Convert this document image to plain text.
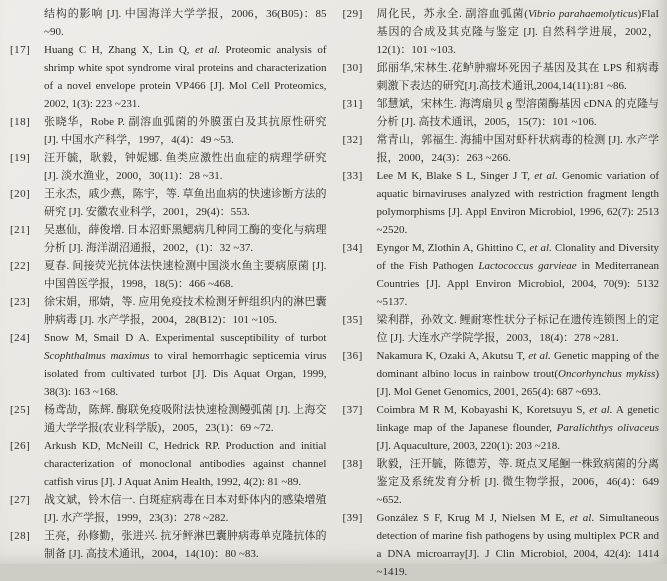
结构的影响 [J]. 中国海洋大学学报，2006，36(B05)：85 ~90.
[17]	Huang C H, Zhang X, Lin Q, et al. Proteomic analysis of shrimp white spot syndrome viral proteins and characterization of a novel envelope protein VP466 [J]. Mol Cell Proteomics, 2002, 1(3): 223 ~231.
[18]	张晓华，Robe P. 副溶血弧菌的外膜蛋白及其抗原性研究 [J]. 中国水产科学，1997，4(4)：49 ~53.
[19]	汪开毓，耿毅，钟妮娜. 鱼类应激性出血症的病理学研究 [J]. 淡水渔业，2000，30(11)：28 ~31.
[20]	王永杰，戚少燕，陈宇，等. 草鱼出血病的快速诊断方法的研究 [J]. 安徽农业科学，2001，29(4)：553.
[21]	吴惠仙，薛俊增. 日本沼虾黑鳃病几种同工酶的变化与病理分析 [J]. 海洋湖沼通报，2002，(1)：32 ~37.
[22]	夏春. 间接荧光抗体法快速检测中国淡水鱼主要病原菌 [J]. 中国兽医学报，1998，18(5)：466 ~468.
[23]	徐宋娟，邢婧，等. 应用免疫技术检测牙鲆组织内的淋巴囊肿病毒 [J]. 水产学报，2004，28(B12)：101 ~105.
[24]	Snow M, Smail D A. Experimental susceptibility of turbot Scophthalmus maximus to viral hemorrhagic septicemia virus isolated from cultivated turbot [J]. Dis Aquat Organ, 1999, 38(3): 163 ~168.
[25]	杨鸢劼，陈辉. 酶联免疫吸附法快速检测鳗弧菌 [J]. 上海交通大学学报(农业科学版)，2005，23(1)：69 ~72.
[26]	Arkush KD, McNeill C, Hedrick RP. Production and initial characterization of monoclonal antibodies against channel catfish virus [J]. J Aquat Anim Health, 1992, 4(2): 81 ~89.
[27]	战文斌，铃木信一. 白斑症病毒在日本对虾体内的感染增殖 [J]. 水产学报，1999，23(3)：278 ~282.
[28]	王亮，孙修勤，张进兴. 抗牙鲆淋巴囊肿病毒单克隆抗体的制备 [J]. 高技术通讯，2004，14(10)：80 ~83.
[29]	周化民，苏永全. 副溶血弧菌(Vibrio parahaemolyticus)FlaI 基因的合成及其克隆与鉴定 [J]. 自然科学进展，2002，12(1)：101 ~103.
[30]	邱丽华,宋林生.花鲈肿瘤坏死因子基因及其在 LPS 和病毒刺激下表达的研究[J].高技术通讯,2004,14(11):81 ~86.
[31]	邹慧斌，宋林生. 海湾扇贝 g 型溶菌酶基因 cDNA 的克隆与分析 [J]. 高技术通讯，2005，15(7)：101 ~106.
[32]	常青山，郭福生. 海捕中国对虾杆状病毒的检测 [J]. 水产学报，2000，24(3)：263 ~266.
[33]	Lee M K, Blake S L, Singer J T, et al. Genomic variation of aquatic birnaviruses analyzed with restriction fragment length polymorphisms [J]. Appl Environ Microbiol, 1996, 62(7): 2513 ~2520.
[34]	Eyngor M, Zlothin A, Ghittino C, et al. Clonality and Diversity of the Fish Pathogen Lactococcus garvieae in Mediterranean Countries [J]. Appl Environ Microbiol, 2004, 70(9): 5132 ~5137.
[35]	梁利群，孙效文. 鲤耐寒性状分子标记在遗传连锁图上的定位 [J]. 大连水产学院学报，2003，18(4)：278 ~281.
[36]	Nakamura K, Ozaki A, Akutsu T, et al. Genetic mapping of the dominant albino locus in rainbow trout(Oncorhynchus mykiss) [J]. Mol Genet Genomics, 2001, 265(4): 687 ~693.
[37]	Coimbra M R M, Kobayashi K, Koretsuyu S, et al. A genetic linkage map of the Japanese flounder, Paralichthys olivaceus [J]. Aquaculture, 2003, 220(1): 203 ~218.
[38]	耿毅，汪开毓，陈德芳，等. 斑点叉尾鮰一株致病菌的分离鉴定及系统发育分析 [J]. 微生物学报，2006，46(4)：649 ~652.
[39]	González S F, Krug M J, Nielsen M E, et al. Simultaneous detection of marine fish pathogens by using multiplex PCR and a DNA microarray[J]. J Clin Microbiol, 2004, 42(4): 1414 ~1419.
